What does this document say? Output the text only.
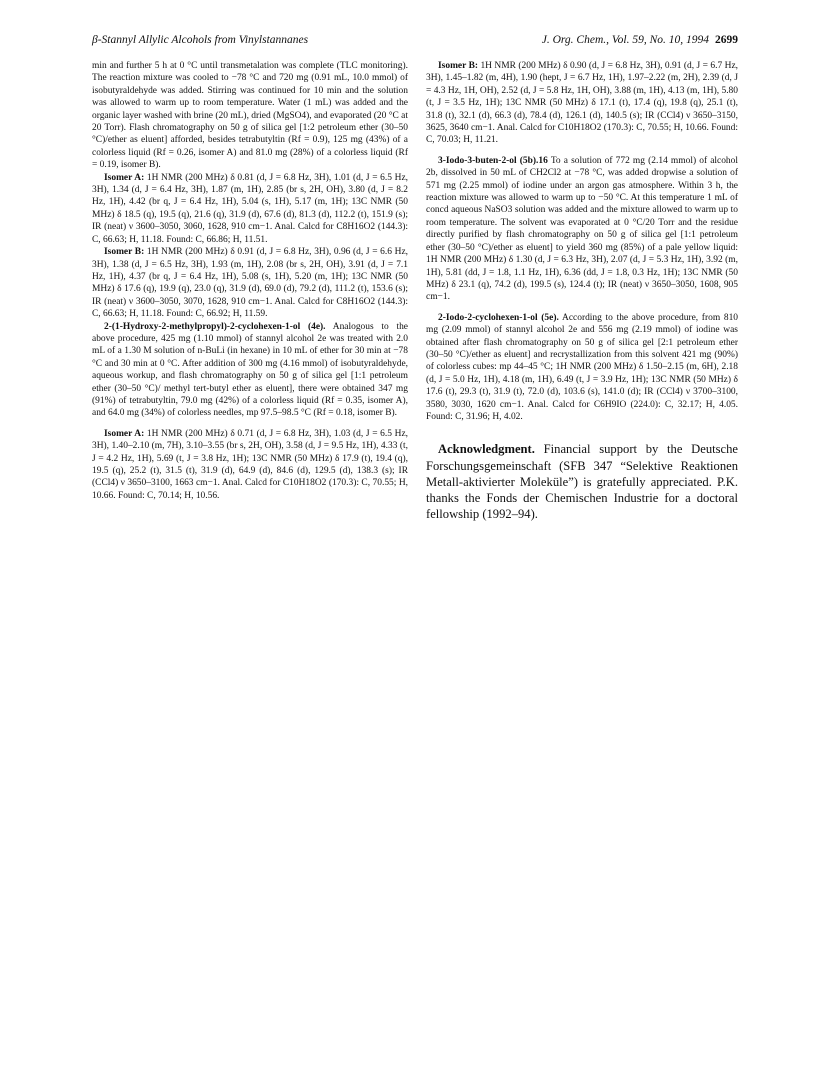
β-Stannyl Allylic Alcohols from Vinylstannanes	J. Org. Chem., Vol. 59, No. 10, 1994 2699

min and further 5 h at 0 °C until transmetalation was complete (TLC monitoring). The reaction mixture was cooled to −78 °C and 720 mg (0.91 mL, 10.0 mmol) of isobutyraldehyde was added. Stirring was continued for 10 min and the solution was allowed to warm up to room temperature. Water (1 mL) was added and the organic layer washed with brine (20 mL), dried (MgSO4), and evaporated (20 °C at 20 Torr). Flash chromatography on 50 g of silica gel [1:2 petroleum ether (30–50 °C)/ether as eluent] afforded, besides tetrabutyltin (Rf = 0.9), 125 mg (43%) of a colorless liquid (Rf = 0.26, isomer A) and 81.0 mg (28%) of a colorless liquid (Rf = 0.19, isomer B).

Isomer A: 1H NMR (200 MHz) δ 0.81 (d, J = 6.8 Hz, 3H), 1.01 (d, J = 6.5 Hz, 3H), 1.34 (d, J = 6.4 Hz, 3H), 1.87 (m, 1H), 2.85 (br s, 2H, OH), 3.80 (d, J = 8.2 Hz, 1H), 4.42 (br q, J = 6.4 Hz, 1H), 5.04 (s, 1H), 5.17 (m, 1H); 13C NMR (50 MHz) δ 18.5 (q), 19.5 (q), 21.6 (q), 31.9 (d), 67.6 (d), 81.3 (d), 112.2 (t), 151.9 (s); IR (neat) ν 3600–3050, 3060, 1628, 910 cm−1. Anal. Calcd for C8H16O2 (144.3): C, 66.63; H, 11.18. Found: C, 66.86; H, 11.51.

Isomer B: 1H NMR (200 MHz) δ 0.91 (d, J = 6.8 Hz, 3H), 0.96 (d, J = 6.6 Hz, 3H), 1.38 (d, J = 6.5 Hz, 3H), 1.93 (m, 1H), 2.08 (br s, 2H, OH), 3.91 (d, J = 7.1 Hz, 1H), 4.37 (br q, J = 6.4 Hz, 1H), 5.08 (s, 1H), 5.20 (m, 1H); 13C NMR (50 MHz) δ 17.6 (q), 19.9 (q), 23.0 (q), 31.9 (d), 69.0 (d), 79.2 (d), 111.2 (t), 153.6 (s); IR (neat) ν 3600–3050, 3070, 1628, 910 cm−1. Anal. Calcd for C8H16O2 (144.3): C, 66.63; H, 11.18. Found: C, 66.92; H, 11.59.

2-(1-Hydroxy-2-methylpropyl)-2-cyclohexen-1-ol (4e). Analogous to the above procedure, 425 mg (1.10 mmol) of stannyl alcohol 2e was treated with 2.0 mL of a 1.30 M solution of n-BuLi (in hexane) in 10 mL of ether for 30 min at −78 °C and 30 min at 0 °C. After addition of 300 mg (4.16 mmol) of isobutyraldehyde, aqueous workup, and flash chromatography on 50 g of silica gel [1:1 petroleum ether (30–50 °C)/ methyl tert-butyl ether as eluent], there were obtained 347 mg (91%) of tetrabutyltin, 79.0 mg (42%) of a colorless liquid (Rf = 0.35, isomer A), and 64.0 mg (34%) of colorless needles, mp 97.5–98.5 °C (Rf = 0.18, isomer B).

Isomer A: 1H NMR (200 MHz) δ 0.71 (d, J = 6.8 Hz, 3H), 1.03 (d, J = 6.5 Hz, 3H), 1.40–2.10 (m, 7H), 3.10–3.55 (br s, 2H, OH), 3.58 (d, J = 9.5 Hz, 1H), 4.33 (t, J = 4.2 Hz, 1H), 5.69 (t, J = 3.8 Hz, 1H); 13C NMR (50 MHz) δ 17.9 (t), 19.4 (q), 19.5 (q), 25.2 (t), 31.5 (t), 31.9 (d), 64.9 (d), 84.6 (d), 129.5 (d), 138.3 (s); IR (CCl4) ν 3650–3100, 1663 cm−1. Anal. Calcd for C10H18O2 (170.3): C, 70.55; H, 10.66. Found: C, 70.14; H, 10.56.

Isomer B: 1H NMR (200 MHz) δ 0.90 (d, J = 6.8 Hz, 3H), 0.91 (d, J = 6.7 Hz, 3H), 1.45–1.82 (m, 4H), 1.90 (hept, J = 6.7 Hz, 1H), 1.97–2.22 (m, 2H), 2.39 (d, J = 4.3 Hz, 1H, OH), 2.52 (d, J = 5.8 Hz, 1H, OH), 3.88 (m, 1H), 4.13 (m, 1H), 5.80 (t, J = 3.5 Hz, 1H); 13C NMR (50 MHz) δ 17.1 (t), 17.4 (q), 19.8 (q), 25.1 (t), 31.8 (t), 32.1 (d), 66.3 (d), 78.4 (d), 126.1 (d), 140.5 (s); IR (CCl4) ν 3650–3150, 3625, 3640 cm−1. Anal. Calcd for C10H18O2 (170.3): C, 70.55; H, 10.66. Found: C, 70.03; H, 11.21.

3-Iodo-3-buten-2-ol (5b).16 To a solution of 772 mg (2.14 mmol) of alcohol 2b, dissolved in 50 mL of CH2Cl2 at −78 °C, was added dropwise a solution of 571 mg (2.25 mmol) of iodine under an argon gas atmosphere. Within 3 h, the reaction mixture was allowed to warm up to −50 °C. At this temperature 1 mL of concd aqueous NaSO3 solution was added and the mixture allowed to warm up to room temperature. The solvent was evaporated at 0 °C/20 Torr and the residue directly purified by flash chromatography on 50 g of silica gel [1:1 petroleum ether (30–50 °C)/ether as eluent] to yield 360 mg (85%) of a pale yellow liquid: 1H NMR (200 MHz) δ 1.30 (d, J = 6.3 Hz, 3H), 2.07 (d, J = 5.3 Hz, 1H), 3.92 (m, 1H), 5.81 (dd, J = 1.8, 1.1 Hz, 1H), 6.36 (dd, J = 1.8, 0.3 Hz, 1H); 13C NMR (50 MHz) δ 23.1 (q), 74.2 (d), 199.5 (s), 124.4 (t); IR (neat) ν 3650–3050, 1608, 905 cm−1.

2-Iodo-2-cyclohexen-1-ol (5e). According to the above procedure, from 810 mg (2.09 mmol) of stannyl alcohol 2e and 556 mg (2.19 mmol) of iodine was obtained after flash chromatography on 50 g of silica gel [2:1 petroleum ether (30–50 °C)/ether as eluent] and recrystallization from this solvent 421 mg (90%) of colorless cubes: mp 44–45 °C; 1H NMR (200 MHz) δ 1.50–2.15 (m, 6H), 2.18 (d, J = 5.0 Hz, 1H), 4.18 (m, 1H), 6.49 (t, J = 3.9 Hz, 1H); 13C NMR (50 MHz) δ 17.6 (t), 29.3 (t), 31.9 (t), 72.0 (d), 103.6 (s), 141.0 (d); IR (CCl4) ν 3700–3100, 3580, 3030, 1620 cm−1. Anal. Calcd for C6H9IO (224.0): C, 32.17; H, 4.05. Found: C, 31.96; H, 4.02.

Acknowledgment. Financial support by the Deutsche Forschungsgemeinschaft (SFB 347 “Selektive Reaktionen Metall-aktivierter Moleküle”) is gratefully appreciated. P.K. thanks the Fonds der Chemischen Industrie for a doctoral fellowship (1992–94).
